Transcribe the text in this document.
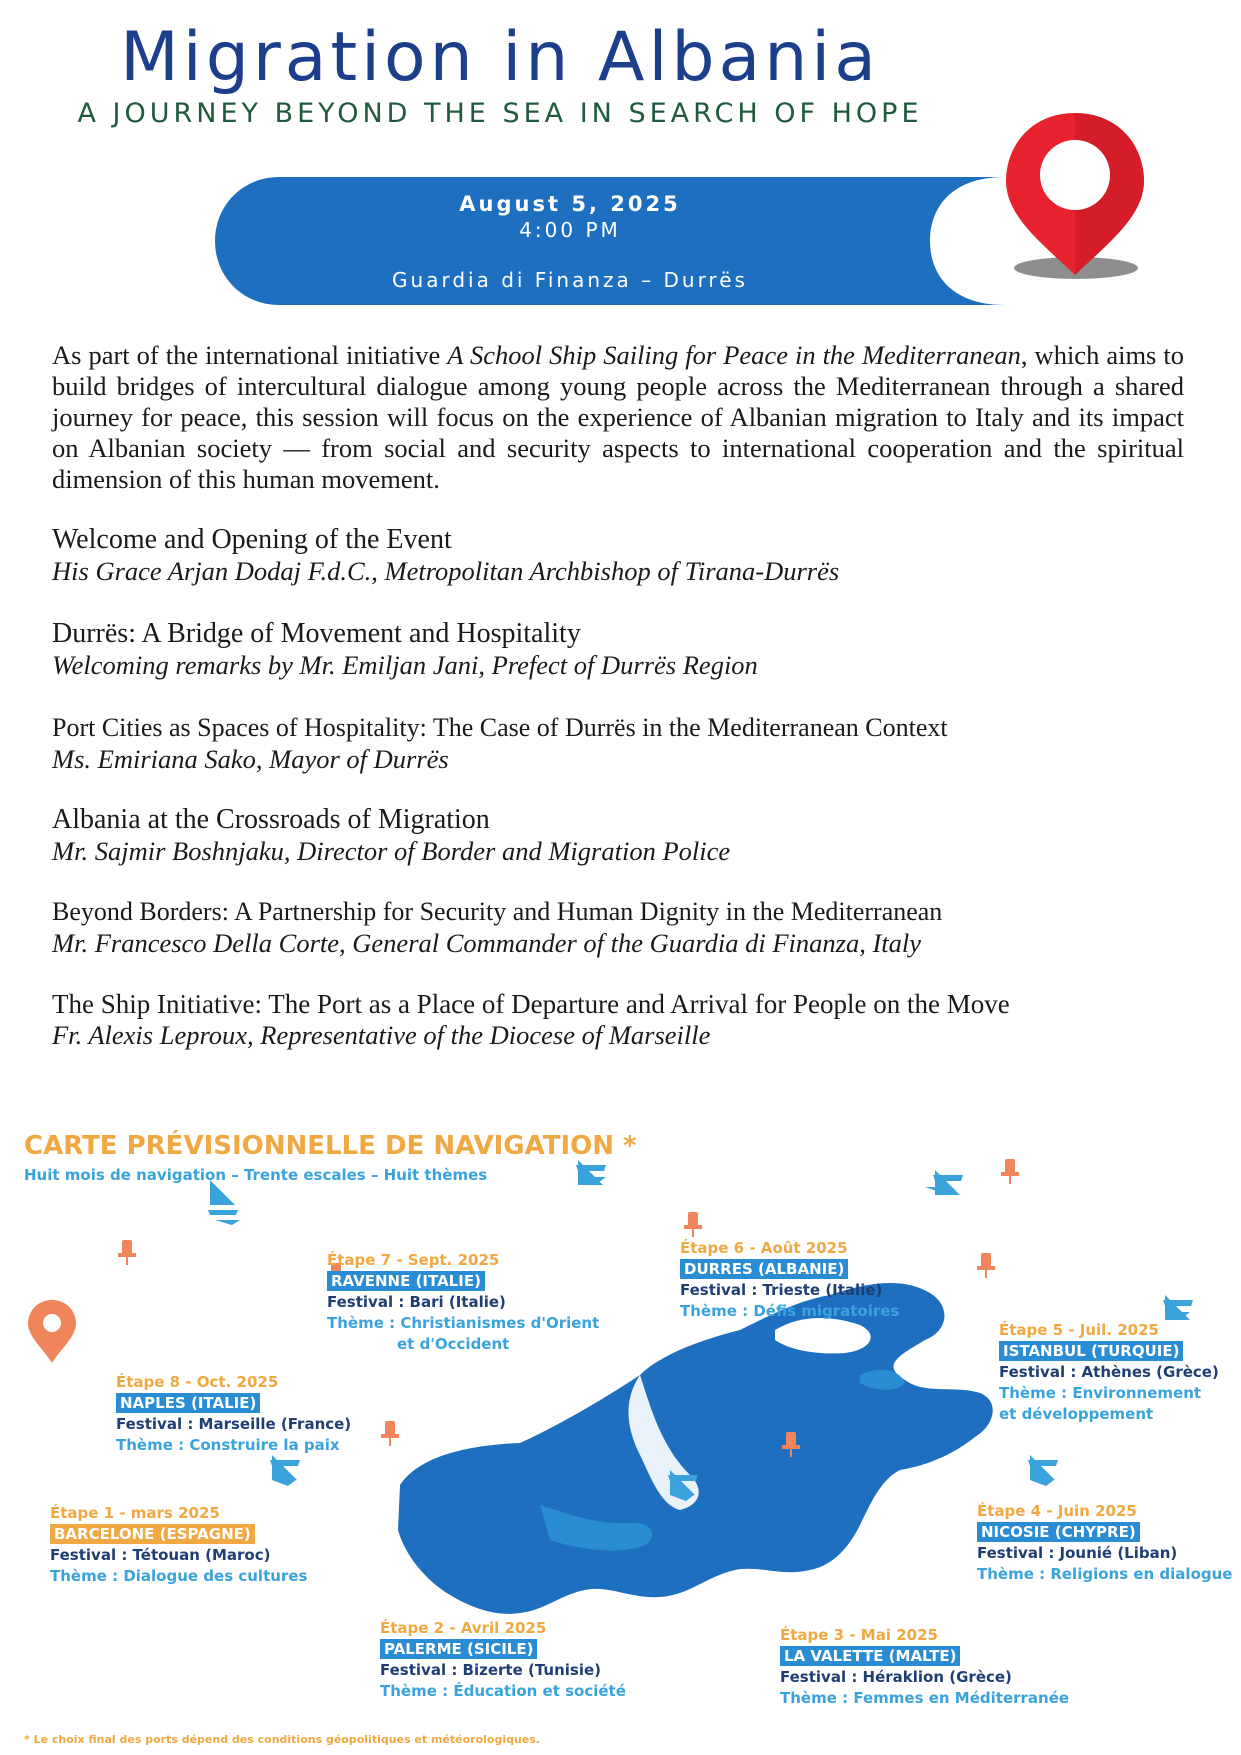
Migration in Albania
A JOURNEY BEYOND THE SEA IN SEARCH OF HOPE
August 5, 2025
4:00 PM
Guardia di Finanza – Durrës

As part of the international initiative A School Ship Sailing for Peace in the Mediterranean, which aims to build bridges of intercultural dialogue among young people across the Mediterranean through a shared journey for peace, this session will focus on the experience of Albanian migration to Italy and its impact on Albanian society — from social and security aspects to international cooperation and the spiritual dimension of this human movement.

Welcome and Opening of the Event
His Grace Arjan Dodaj F.d.C., Metropolitan Archbishop of Tirana-Durrës
Durrës: A Bridge of Movement and Hospitality
Welcoming remarks by Mr. Emiljan Jani, Prefect of Durrës Region
Port Cities as Spaces of Hospitality: The Case of Durrës in the Mediterranean Context
Ms. Emiriana Sako, Mayor of Durrës
Albania at the Crossroads of Migration
Mr. Sajmir Boshnjaku, Director of Border and Migration Police
Beyond Borders: A Partnership for Security and Human Dignity in the Mediterranean
Mr. Francesco Della Corte, General Commander of the Guardia di Finanza, Italy
The Ship Initiative: The Port as a Place of Departure and Arrival for People on the Move
Fr. Alexis Leproux, Representative of the Diocese of Marseille
CARTE PRÉVISIONNELLE DE NAVIGATION *
Huit mois de navigation – Trente escales – Huit thèmes
Étape 1 - mars 2025
BARCELONE (ESPAGNE)
Festival : Tétouan (Maroc)
Thème : Dialogue des cultures
Étape 2 - Avril 2025
PALERME (SICILE)
Festival : Bizerte (Tunisie)
Thème : Éducation et société
Étape 3 - Mai 2025
LA VALETTE (MALTE)
Festival : Héraklion (Grèce)
Thème : Femmes en Méditerranée
Étape 4 - Juin 2025
NICOSIE (CHYPRE)
Festival : Jounié (Liban)
Thème : Religions en dialogue
Étape 5 - Juil. 2025
ISTANBUL (TURQUIE)
Festival : Athènes (Grèce)
Thème : Environnement
et développement
Étape 6 - Août 2025
DURRES (ALBANIE)
Festival : Trieste (Italie)
Thème : Défis migratoires
Étape 7 - Sept. 2025
RAVENNE (ITALIE)
Festival : Bari (Italie)
Thème : Christianismes d'Orient
et d'Occident
Étape 8 - Oct. 2025
NAPLES (ITALIE)
Festival : Marseille (France)
Thème : Construire la paix
* Le choix final des ports dépend des conditions géopolitiques et météorologiques.
